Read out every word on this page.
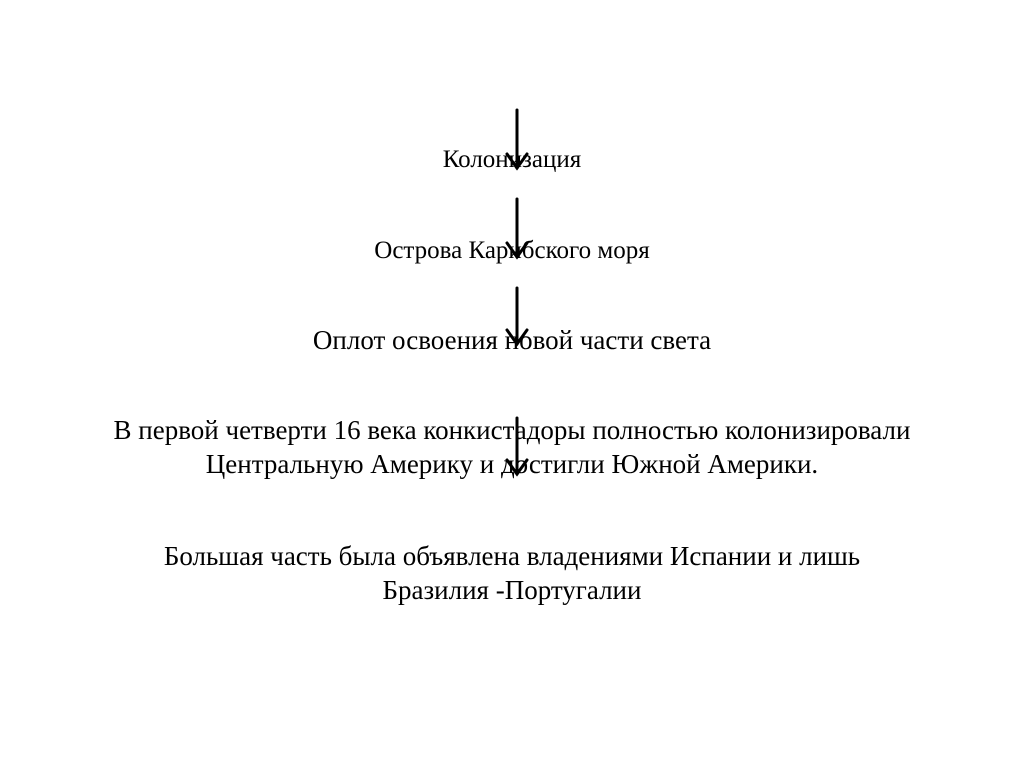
Колонизация
Острова Карибского моря
Оплот освоения новой части света
В первой четверти 16 века конкистадоры полностью колонизировали
Центральную Америку и достигли Южной Америки.
Большая часть была объявлена владениями Испании и лишь
Бразилия -Португалии
